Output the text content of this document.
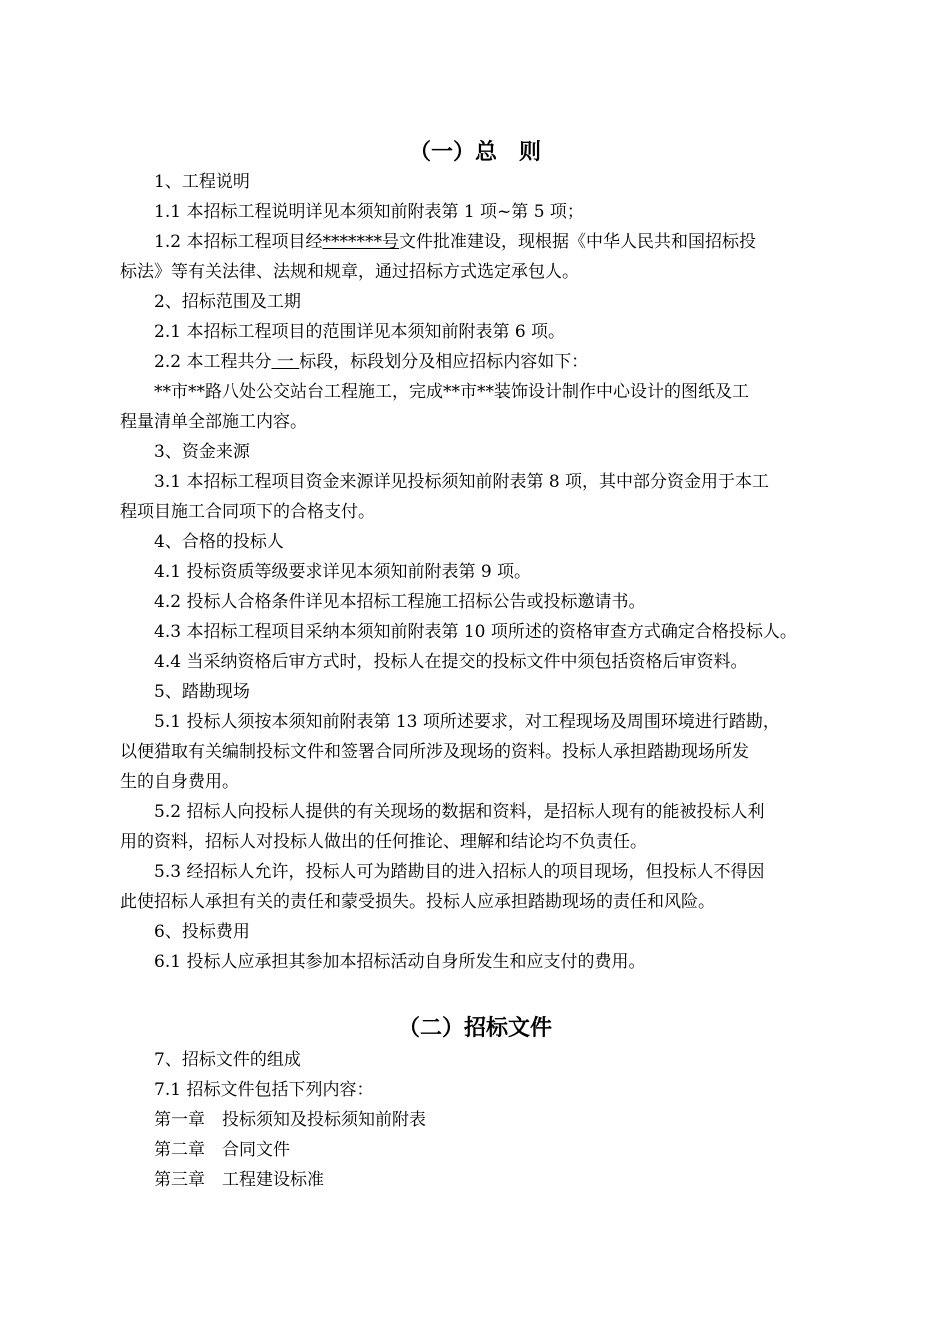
（一）总　则
1、工程说明
1.1 本招标工程说明详见本须知前附表第 1 项~第 5 项；
1.2 本招标工程项目经*******号文件批准建设，现根据《中华人民共和国招标投
标法》等有关法律、法规和规章，通过招标方式选定承包人。
2、招标范围及工期
2.1 本招标工程项目的范围详见本须知前附表第 6 项。
2.2 本工程共分 一 标段，标段划分及相应招标内容如下：
**市**路八处公交站台工程施工，完成**市**装饰设计制作中心设计的图纸及工
程量清单全部施工内容。
3、资金来源
3.1 本招标工程项目资金来源详见投标须知前附表第 8 项，其中部分资金用于本工
程项目施工合同项下的合格支付。
4、合格的投标人
4.1 投标资质等级要求详见本须知前附表第 9 项。
4.2 投标人合格条件详见本招标工程施工招标公告或投标邀请书。
4.3 本招标工程项目采纳本须知前附表第 10 项所述的资格审查方式确定合格投标人。
4.4 当采纳资格后审方式时，投标人在提交的投标文件中须包括资格后审资料。
5、踏勘现场
5.1 投标人须按本须知前附表第 13 项所述要求，对工程现场及周围环境进行踏勘，
以便猎取有关编制投标文件和签署合同所涉及现场的资料。投标人承担踏勘现场所发
生的自身费用。
5.2 招标人向投标人提供的有关现场的数据和资料，是招标人现有的能被投标人利
用的资料，招标人对投标人做出的任何推论、理解和结论均不负责任。
5.3 经招标人允许，投标人可为踏勘目的进入招标人的项目现场，但投标人不得因
此使招标人承担有关的责任和蒙受损失。投标人应承担踏勘现场的责任和风险。
6、投标费用
6.1 投标人应承担其参加本招标活动自身所发生和应支付的费用。
（二）招标文件
7、招标文件的组成
7.1 招标文件包括下列内容：
第一章　投标须知及投标须知前附表
第二章　合同文件
第三章　工程建设标准
